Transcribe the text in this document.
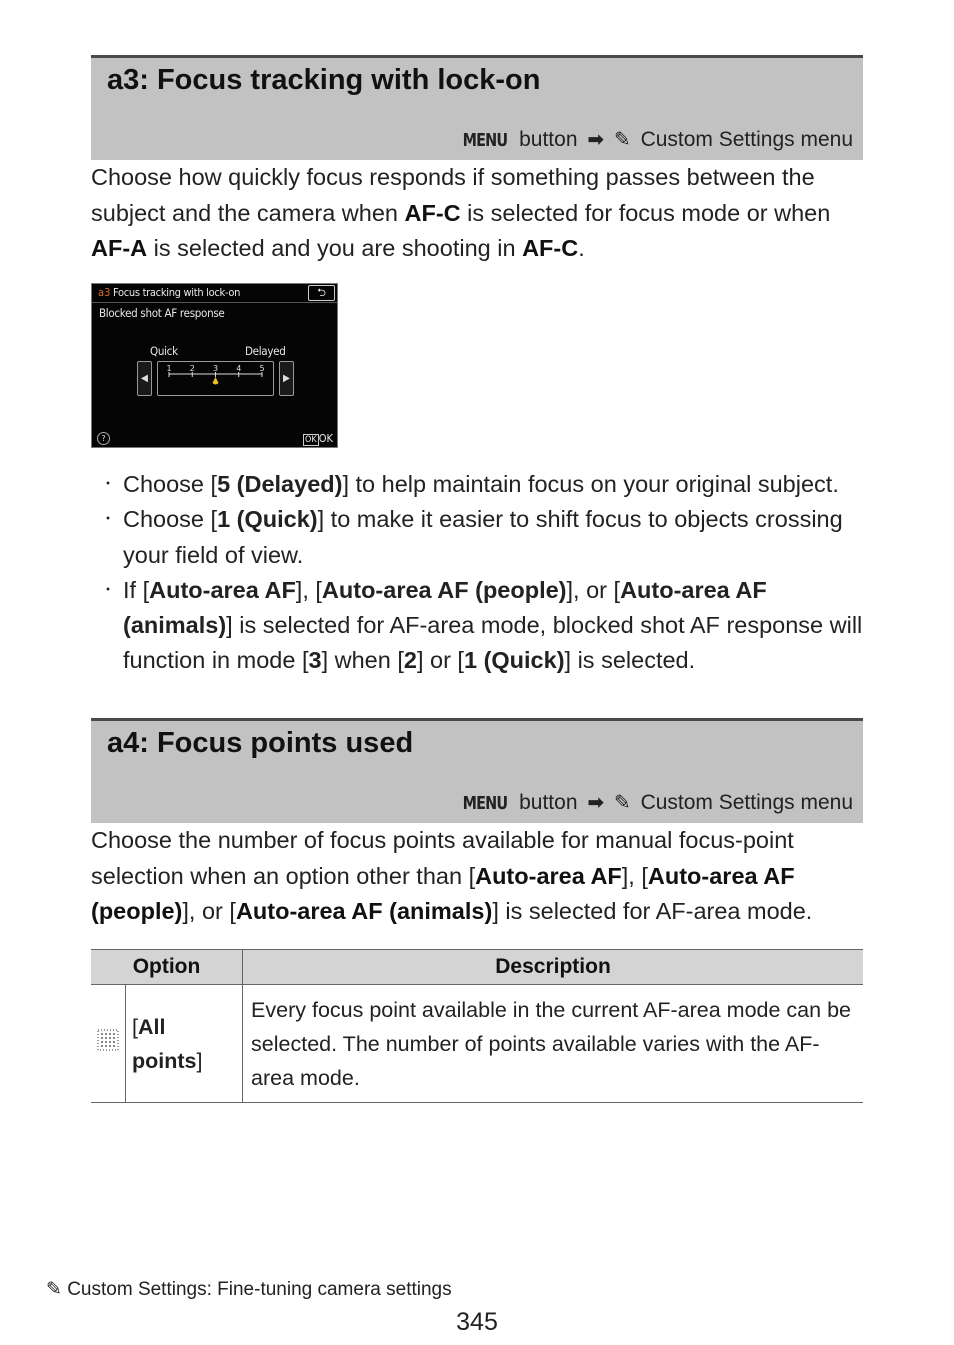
a3: Focus tracking with lock-on
MENU button ➡ ✎ Custom Settings menu
Choose how quickly focus responds if something passes between the subject and the camera when AF-C is selected for focus mode or when AF-A is selected and you are shooting in AF-C.
a3 Focus tracking with lock-on	⮌
Blocked shot AF response
Quick	Delayed
◀
1 2 3 4 5
▶
?	OK OK
・ Choose [5 (Delayed)] to help maintain focus on your original subject.
・ Choose [1 (Quick)] to make it easier to shift focus to objects crossing your field of view.
・ If [Auto-area AF], [Auto-area AF (people)], or [Auto-area AF (animals)] is selected for AF-area mode, blocked shot AF response will function in mode [3] when [2] or [1 (Quick)] is selected.
a4: Focus points used
MENU button ➡ ✎ Custom Settings menu
Choose the number of focus points available for manual focus-point selection when an option other than [Auto-area AF], [Auto-area AF (people)], or [Auto-area AF (animals)] is selected for AF-area mode.
Option		Description
	[All points]	Every focus point available in the current AF-area mode can be selected. The number of points available varies with the AF-area mode.
✎ Custom Settings: Fine-tuning camera settings
345
